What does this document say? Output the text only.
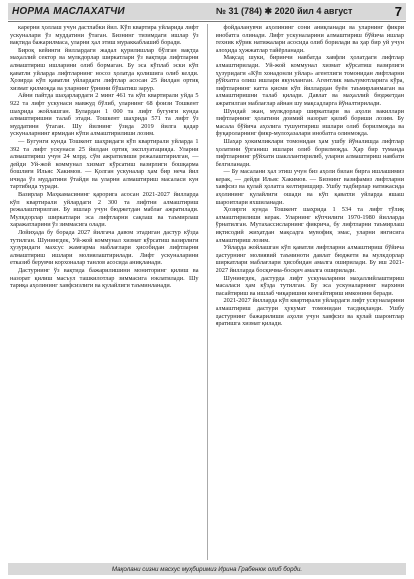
НОРМА МАСЛАХАТЧИ	№ 31 (784) ✱ 2020 йил 4 август	7

карерни ҳоллаш учун дастлабки йил. Кўп квартира уйларида лифт ускуналари ўз муддатини ўтаган. Бизнинг тизимдаги ишлар ўз вақтида бажарилмаса, уларни ҳал этиш мураккаблашиб боради.

Бироқ кейинги йиллардаги жадал қурилишлар бўлган вақтда маҳаллий сектор ва мулкдорлар ширкатлари ўз вақтида лифтларни алмаштириш ишларини олиб бормаган. Бу эса кўплаб эски кўп қаватли уйларда лифтларнинг носоз ҳолатда қолишига олиб келди. Ҳозирда кўп қаватли уйлардаги лифтлар асосан 25 йилдан ортиқ хизмат қилмоқда ва уларнинг ўрнини бўшатиш зарур.

Айни пайтда шаҳарлардаги 2 минг 461 та кўп квартирали уйда 5 922 та лифт ускунаси мавжуд бўлиб, уларнинг 68 фоизи Тошкент шаҳрида жойлашган. Булардан 1 000 та лифт бугунги кунда алмаштиришни талаб этади. Тошкент шаҳрида 571 та лифт ўз муддатини ўтаган. Шу йилнинг ўзида 2019 йилга қадар ускуналарнинг ярмидан кўпи алмаштирилиши лозим.

— Бугунги кунда Тошкент шаҳридаги кўп квартирали уйларда 1 392 та лифт ускунаси 25 йилдан ортиқ эксплуатацияда. Уларни алмаштириш учун 24 млрд. сўм ажратилиши режалаштирилган, — дейди Уй-жой коммунал хизмат кўрсатиш вазирлиги бошқарма бошлиғи Ильяс Хакимов. — Қолган ускуналар ҳам бир неча йил ичида ўз муддатини ўтайди ва уларни алмаштириш масаласи кун тартибида туради.

Вазирлар Маҳкамасининг қарорига асосан 2021-2027 йилларда кўп квартирали уйлардаги 2 300 та лифтни алмаштириш режалаштирилган. Бу ишлар учун бюджетдан маблағ ажратилади. Мулкдорлар ширкатлари эса лифтларни сақлаш ва таъмирлаш харажатларини ўз зиммасига олади.

Лойиҳада бу борада 2027 йилгача давом этадиган дастур кўзда тутилган. Шунингдек, Уй-жой коммунал хизмат кўрсатиш вазирлиги ҳузуридаги махсус жамғарма маблағлари ҳисобидан лифтларни алмаштириш ишлари молиялаштирилади. Лифт ускуналарини етказиб берувчи корхоналар танлов асосида аниқланади.

Дастурнинг ўз вақтида бажарилишини мониторинг қилиш ва назорат қилиш масъул ташкилотлар зиммасига юклатилади. Шу тариқа аҳолининг хавфсизлиги ва қулайлиги таъминланади.

фойдаланувчи аҳолининг сони аниқланади ва уларнинг фикри инобатга олинади. Лифт ускуналарини алмаштириш бўйича ишлар техник кўрик натижалари асосида олиб борилади ва ҳар бир уй учун алоҳида ҳужжатлар тайёрланади.

Мақсад шуки, биринчи навбатда хавфли ҳолатдаги лифтлар алмаштирилади. Уй-жой коммунал хизмат кўрсатиш вазирлиги ҳузуридаги «Кўп хонадонли уйлар» агентлиги томонидан лифтларни рўйхатга олиш ишлари якунланган. Агентлик маълумотларига кўра, лифтларнинг катта қисми кўп йиллардан буён таъмирланмаган ва алмаштиришни талаб қилади. Давлат ва маҳаллий бюджетдан ажратилган маблағлар айнан шу мақсадларга йўналтирилади.

Шундай экан, мулкдорлар ширкатлари ва аҳоли вакиллари лифтларнинг ҳолатини доимий назорат қилиб бориши лозим. Бу масала бўйича аҳолига тушунтириш ишлари олиб борилмоқда ва фуқароларнинг фикр-мулоҳазалари инобатга олинмоқда.

Шаҳар ҳокимликлари томонидан ҳам ушбу йўналишда лифтлар ҳолатини ўрганиш ишлари олиб борилмоқда. Ҳар бир туманда лифтларнинг рўйхати шакллантирилиб, уларни алмаштириш навбати белгиланади.

— Бу масалани ҳал этиш учун биз аҳоли билан бирга ишлашимиз керак, — дейди Ильяс Хакимов. — Бизнинг вазифамиз лифтларни хавфсиз ва қулай ҳолатга келтиришдир. Ушбу тадбирлар натижасида аҳолининг қулайлиги ошади ва кўп қаватли уйларда яшаш шароитлари яхшиланади.

Ҳозирги кунда Тошкент шаҳрида 1 534 та лифт тўлиқ алмаштирилиши керак. Уларнинг кўпчилиги 1970-1980 йилларда ўрнатилган. Мутахассисларнинг фикрича, бу лифтларни таъмирлаш иқтисодий жиҳатдан мақсадга мувофиқ эмас, уларни янгисига алмаштириш лозим.

Уйларда жойлашган кўп қаватли лифтларни алмаштириш бўйича дастурнинг молиявий таъминоти давлат бюджети ва мулкдорлар ширкатлари маблағлари ҳисобидан амалга оширилади. Бу иш 2021-2027 йилларда босқичма-босқич амалга оширилади.

Шунингдек, дастурда лифт ускуналарини маҳаллийлаштириш масаласи ҳам кўзда тутилган. Бу эса ускуналарнинг нархини пасайтириш ва ишлаб чиқаришни кенгайтириш имконини беради.

2021-2027 йилларда кўп квартирали уйлардаги лифт ускуналарини алмаштириш дастури ҳукумат томонидан тасдиқланди. Ушбу дастурнинг бажарилиши аҳоли учун хавфсиз ва қулай шароитлар яратишга хизмат қилади.

Мақолани сизни масхус муҳбиримиз Ирина Грабенюк олиб борди.
